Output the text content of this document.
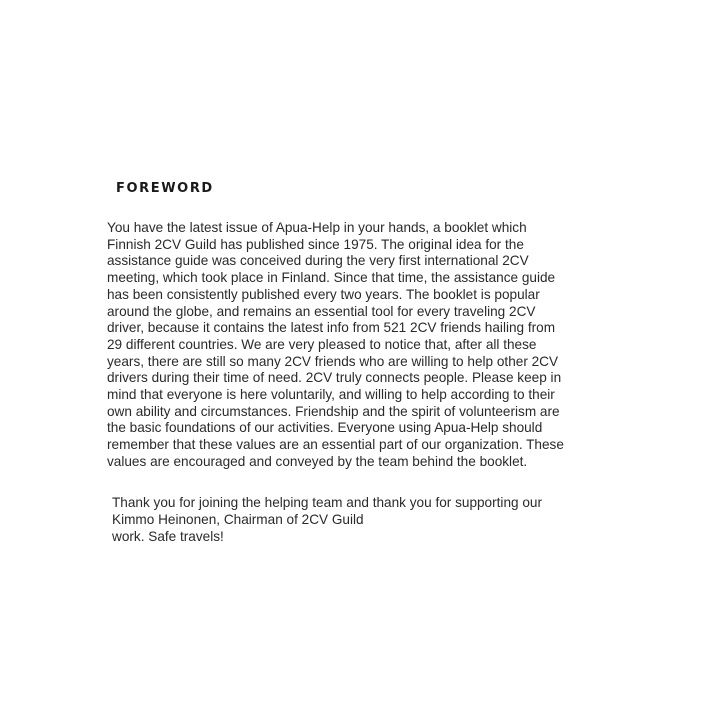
FOREWORD
You have the latest issue of Apua-Help in your hands, a booklet which
Finnish 2CV Guild has published since 1975. The original idea for the
assistance guide was conceived during the very first international 2CV
meeting, which took place in Finland. Since that time, the assistance guide
has been consistently published every two years. The booklet is popular
around the globe, and remains an essential tool for every traveling 2CV
driver, because it contains the latest info from 521 2CV friends hailing from
29 different countries. We are very pleased to notice that, after all these
years, there are still so many 2CV friends who are willing to help other 2CV
drivers during their time of need. 2CV truly connects people. Please keep in
mind that everyone is here voluntarily, and willing to help according to their
own ability and circumstances. Friendship and the spirit of volunteerism are
the basic foundations of our activities. Everyone using Apua-Help should
remember that these values are an essential part of our organization. These
values are encouraged and conveyed by the team behind the booklet.
Thank you for joining the helping team and thank you for supporting our
Kimmo Heinonen, Chairman of 2CV Guild
work. Safe travels!
